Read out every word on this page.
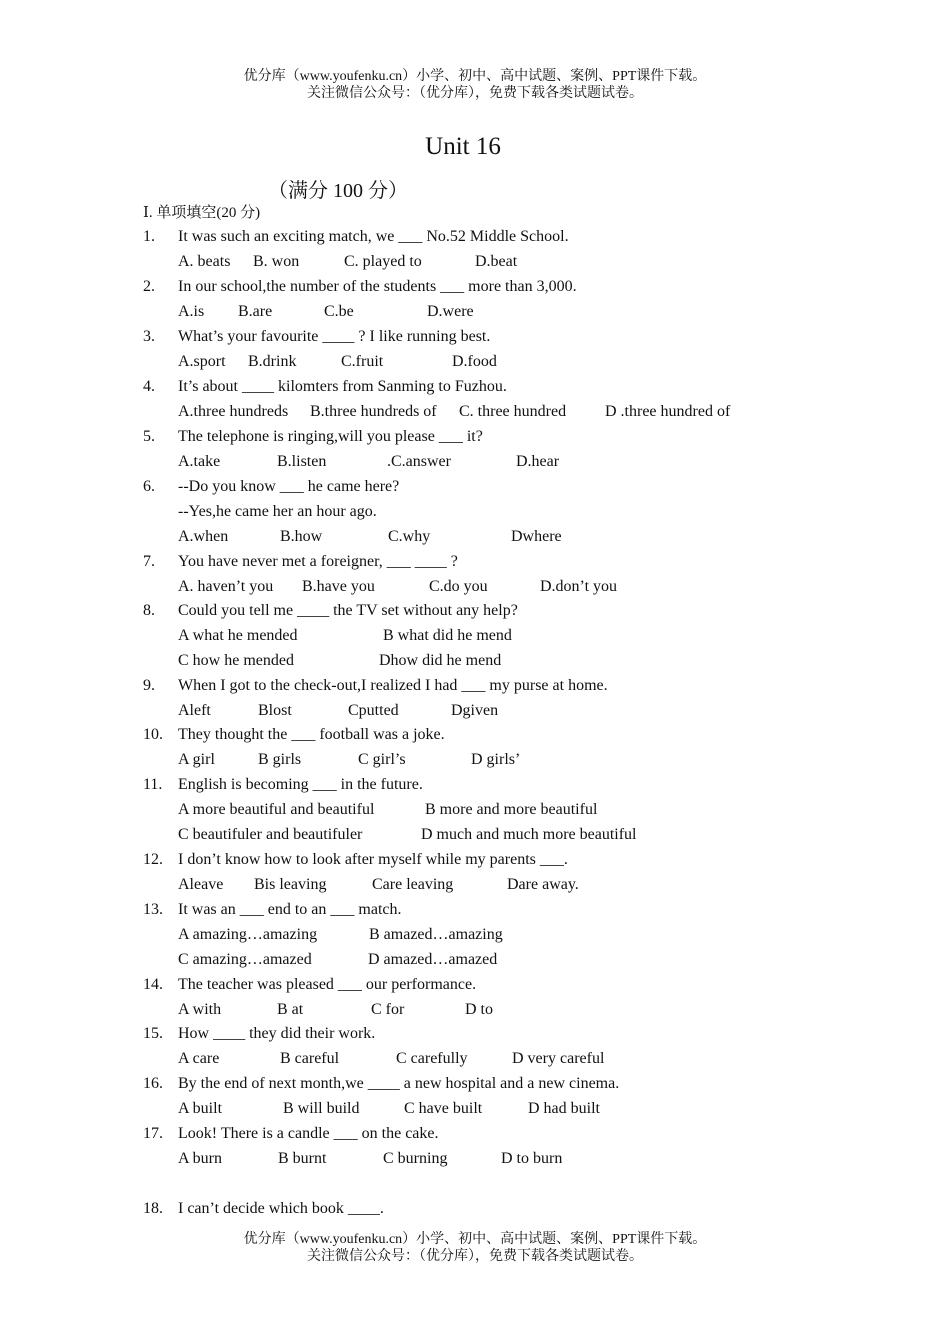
优分库（www.youfenku.cn）小学、初中、高中试题、案例、PPT课件下载。
关注微信公众号：（优分库），免费下载各类试题试卷。
Unit 16
（满分 100 分）
Ⅰ. 单项填空(20 分)
1. It was such an exciting match, we ___ No.52 Middle School.
A. beats B. won	C. played to	D.beat
2. In our school,the number of the students ___ more than 3,000.
A.is B.are	C.be	D.were
3. What’s your favourite ____ ? I like running best.
A.sport B.drink	C.fruit	D.food
4. It’s about ____ kilomters from Sanming to Fuzhou.
A.three hundreds B.three hundreds of C. three hundred D .three hundred of
5. The telephone is ringing,will you please ___ it?
A.take	B.listen	.C.answer	D.hear
6. --Do you know ___ he came here?
--Yes,he came her an hour ago.
A.when	B.how	C.why	Dwhere
7. You have never met a foreigner, ___ ____ ?
A. haven’t you B.have you	C.do you	D.don’t you
8. Could you tell me ____ the TV set without any help?
A what he mended	B what did he mend
C how he mended	Dhow did he mend
9. When I got to the check-out,I realized I had ___ my purse at home.
Aleft	Blost	Cputted	Dgiven
10. They thought the ___ football was a joke.
A girl	B girls	C girl’s	D girls’
11. English is becoming ___ in the future.
A more beautiful and beautiful	B more and more beautiful
C beautifuler and beautifuler	D much and much more beautiful
12. I don’t know how to look after myself while my parents ___.
Aleave Bis leaving	Care leaving	Dare away.
13. It was an ___ end to an ___ match.
A amazing…amazing	B amazed…amazing
C amazing…amazed	D amazed…amazed
14. The teacher was pleased ___ our performance.
A with	B at	C for	D to
15. How ____ they did their work.
A care	B careful	C carefully	D very careful
16. By the end of next month,we ____ a new hospital and a new cinema.
A built	B will build	C have built	D had built
17. Look! There is a candle ___ on the cake.
A burn	B burnt	C burning	D to burn
18. I can’t decide which book ____.
优分库（www.youfenku.cn）小学、初中、高中试题、案例、PPT课件下载。
关注微信公众号：（优分库），免费下载各类试题试卷。
